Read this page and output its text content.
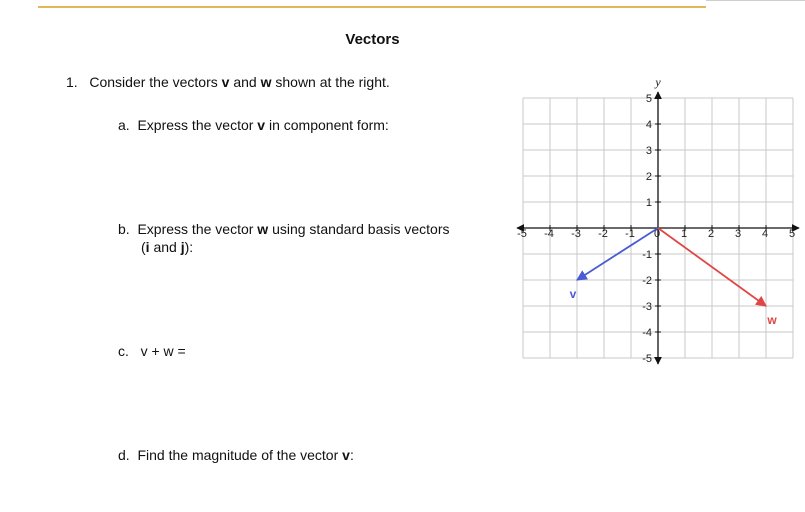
Vectors
1. Consider the vectors v and w shown at the right.
a. Express the vector v in component form:
b. Express the vector w using standard basis vectors
(i and j):
c. v + w =
d. Find the magnitude of the vector v:
-5 -4 -3 -2 -1 0 1 2 3 4 5
5
4
3
2
1
-1
-2
-3
-4
-5
y
v
w
